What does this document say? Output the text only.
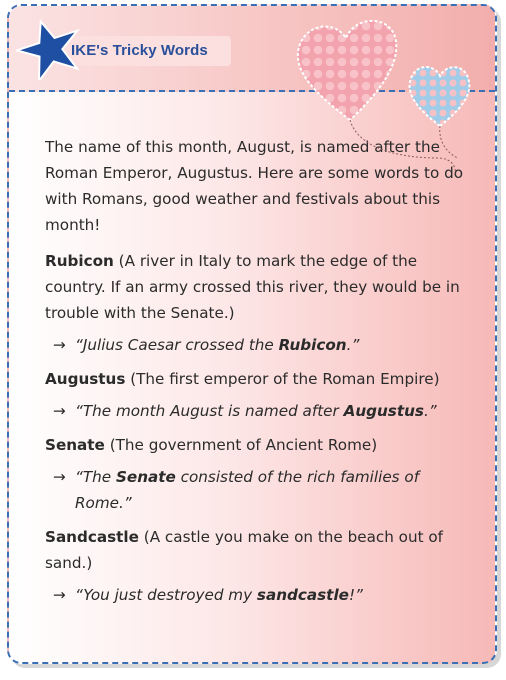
IKE's Tricky Words

The name of this month, August, is named after the Roman Emperor, Augustus. Here are some words to do with Romans, good weather and festivals about this month!

Rubicon (A river in Italy to mark the edge of the country. If an army crossed this river, they would be in trouble with the Senate.)

→ “Julius Caesar crossed the Rubicon.”

Augustus (The first emperor of the Roman Empire)

→ “The month August is named after Augustus.”

Senate (The government of Ancient Rome)

→ “The Senate consisted of the rich families of Rome.”

Sandcastle (A castle you make on the beach out of sand.)

→ “You just destroyed my sandcastle!”
